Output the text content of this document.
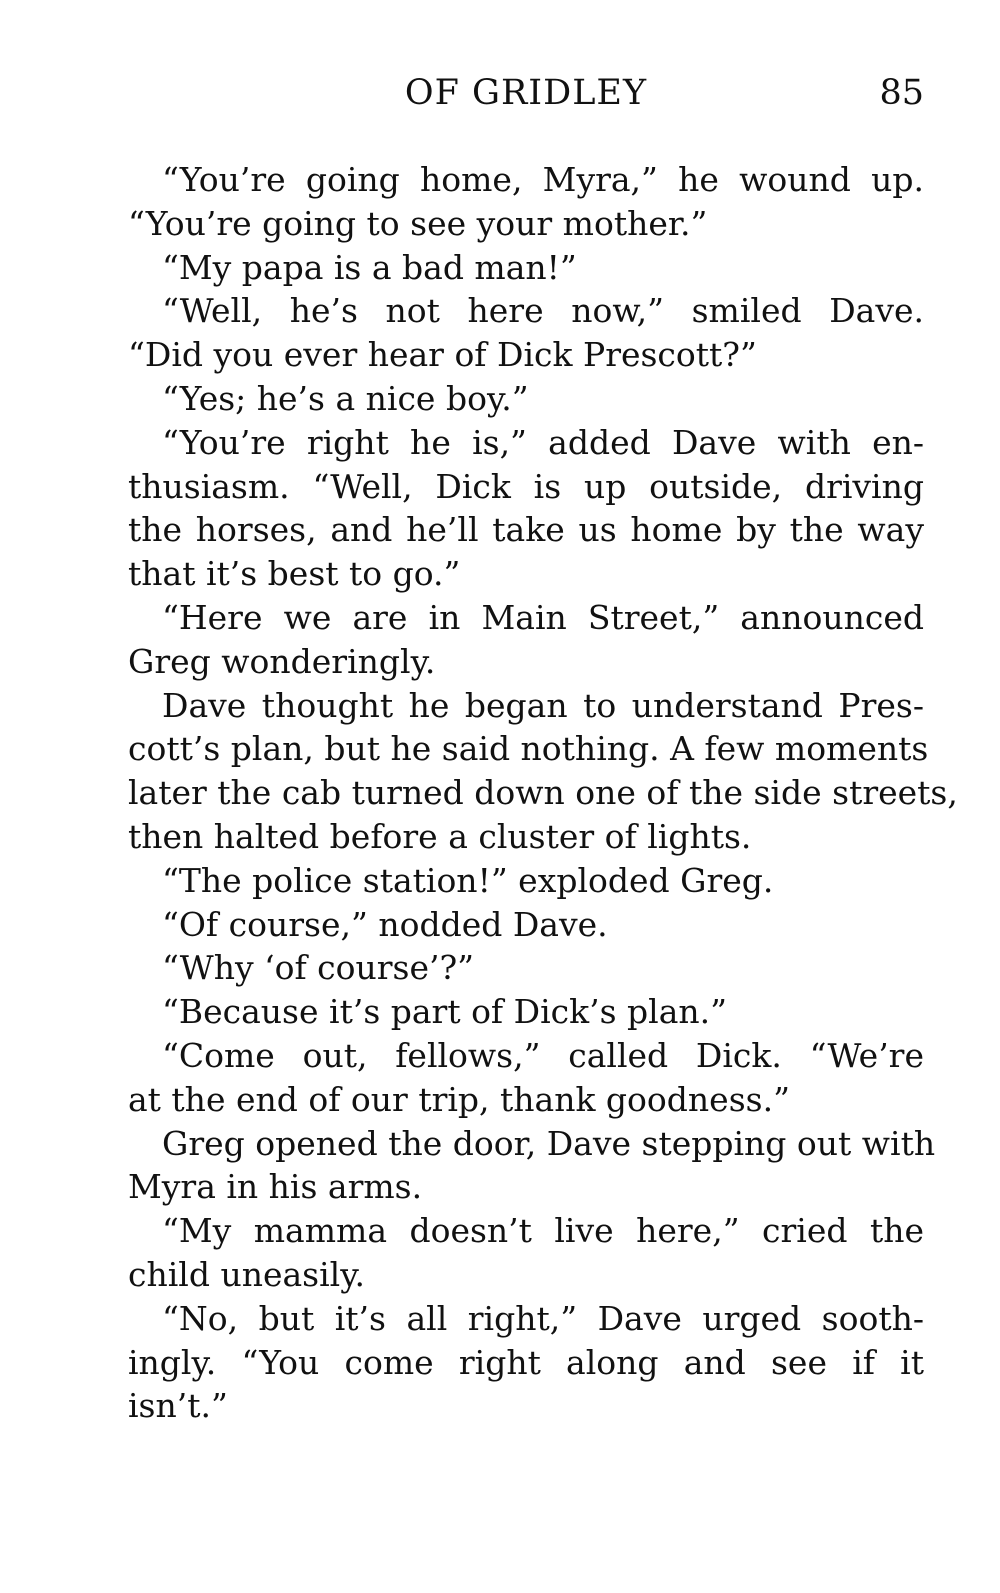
OF GRIDLEY	85
“You’re going home, Myra,” he wound up.
“You’re going to see your mother.”
“My papa is a bad man!”
“Well, he’s not here now,” smiled Dave.
“Did you ever hear of Dick Prescott?”
“Yes; he’s a nice boy.”
“You’re right he is,” added Dave with en-
thusiasm. “Well, Dick is up outside, driving
the horses, and he’ll take us home by the way
that it’s best to go.”
“Here we are in Main Street,” announced
Greg wonderingly.
Dave thought he began to understand Pres-
cott’s plan, but he said nothing. A few moments
later the cab turned down one of the side streets,
then halted before a cluster of lights.
“The police station!” exploded Greg.
“Of course,” nodded Dave.
“Why ‘of course’?”
“Because it’s part of Dick’s plan.”
“Come out, fellows,” called Dick. “We’re
at the end of our trip, thank goodness.”
Greg opened the door, Dave stepping out with
Myra in his arms.
“My mamma doesn’t live here,” cried the
child uneasily.
“No, but it’s all right,” Dave urged sooth-
ingly. “You come right along and see if it
isn’t.”
